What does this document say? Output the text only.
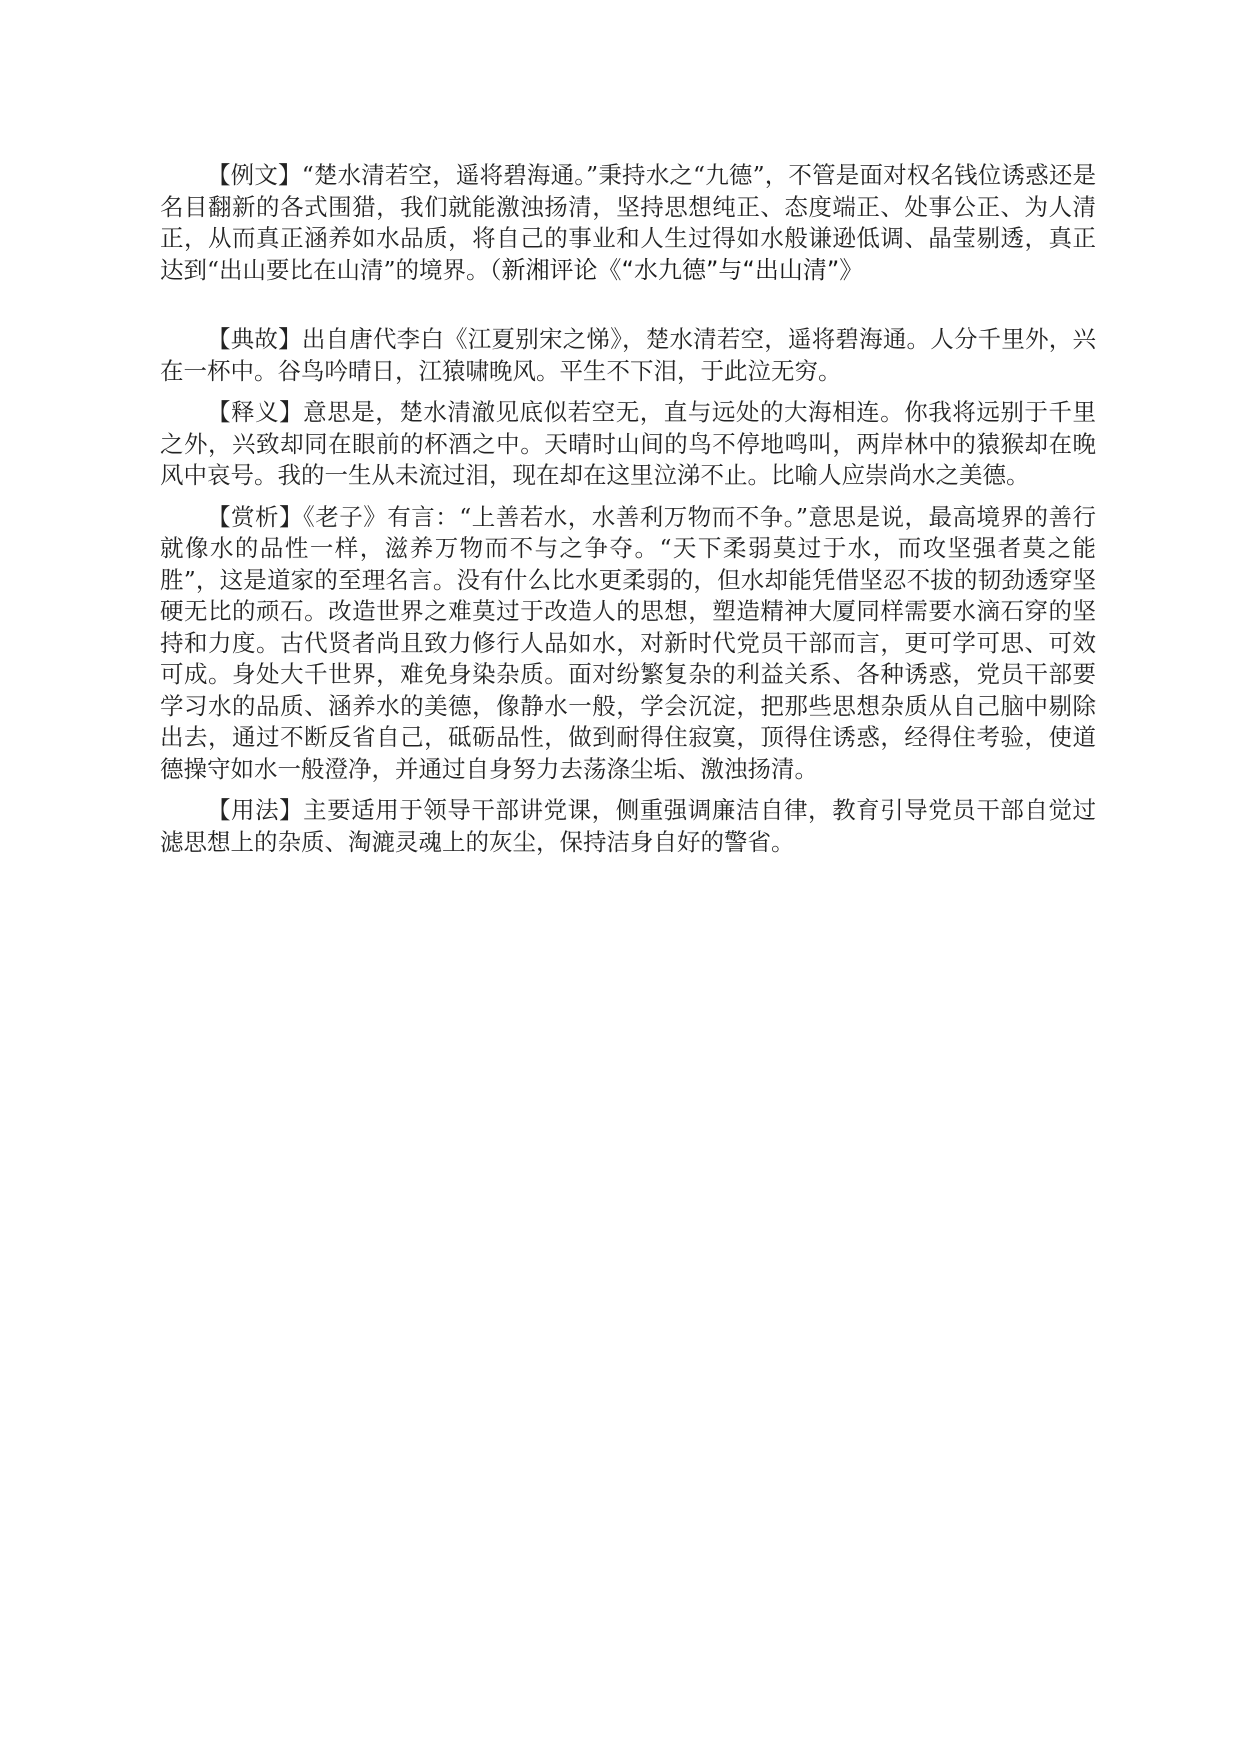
【例文】“楚水清若空，遥将碧海通。”秉持水之“九德”，不管是面对权名钱位诱惑还是名目翻新的各式围猎，我们就能激浊扬清，坚持思想纯正、态度端正、处事公正、为人清正，从而真正涵养如水品质，将自己的事业和人生过得如水般谦逊低调、晶莹剔透，真正达到“出山要比在山清”的境界。（新湘评论《“水九德”与“出山清”》

【典故】出自唐代李白《江夏别宋之悌》，楚水清若空，遥将碧海通。人分千里外，兴在一杯中。谷鸟吟晴日，江猿啸晚风。平生不下泪，于此泣无穷。

【释义】意思是，楚水清澈见底似若空无，直与远处的大海相连。你我将远别于千里之外，兴致却同在眼前的杯酒之中。天晴时山间的鸟不停地鸣叫，两岸林中的猿猴却在晚风中哀号。我的一生从未流过泪，现在却在这里泣涕不止。比喻人应崇尚水之美德。

【赏析】《老子》有言：“上善若水，水善利万物而不争。”意思是说，最高境界的善行就像水的品性一样，滋养万物而不与之争夺。“天下柔弱莫过于水，而攻坚强者莫之能胜”，这是道家的至理名言。没有什么比水更柔弱的，但水却能凭借坚忍不拔的韧劲透穿坚硬无比的顽石。改造世界之难莫过于改造人的思想，塑造精神大厦同样需要水滴石穿的坚持和力度。古代贤者尚且致力修行人品如水，对新时代党员干部而言，更可学可思、可效可成。身处大千世界，难免身染杂质。面对纷繁复杂的利益关系、各种诱惑，党员干部要学习水的品质、涵养水的美德，像静水一般，学会沉淀，把那些思想杂质从自己脑中剔除出去，通过不断反省自己，砥砺品性，做到耐得住寂寞，顶得住诱惑，经得住考验，使道德操守如水一般澄净，并通过自身努力去荡涤尘垢、激浊扬清。

【用法】主要适用于领导干部讲党课，侧重强调廉洁自律，教育引导党员干部自觉过滤思想上的杂质、淘漉灵魂上的灰尘，保持洁身自好的警省。
